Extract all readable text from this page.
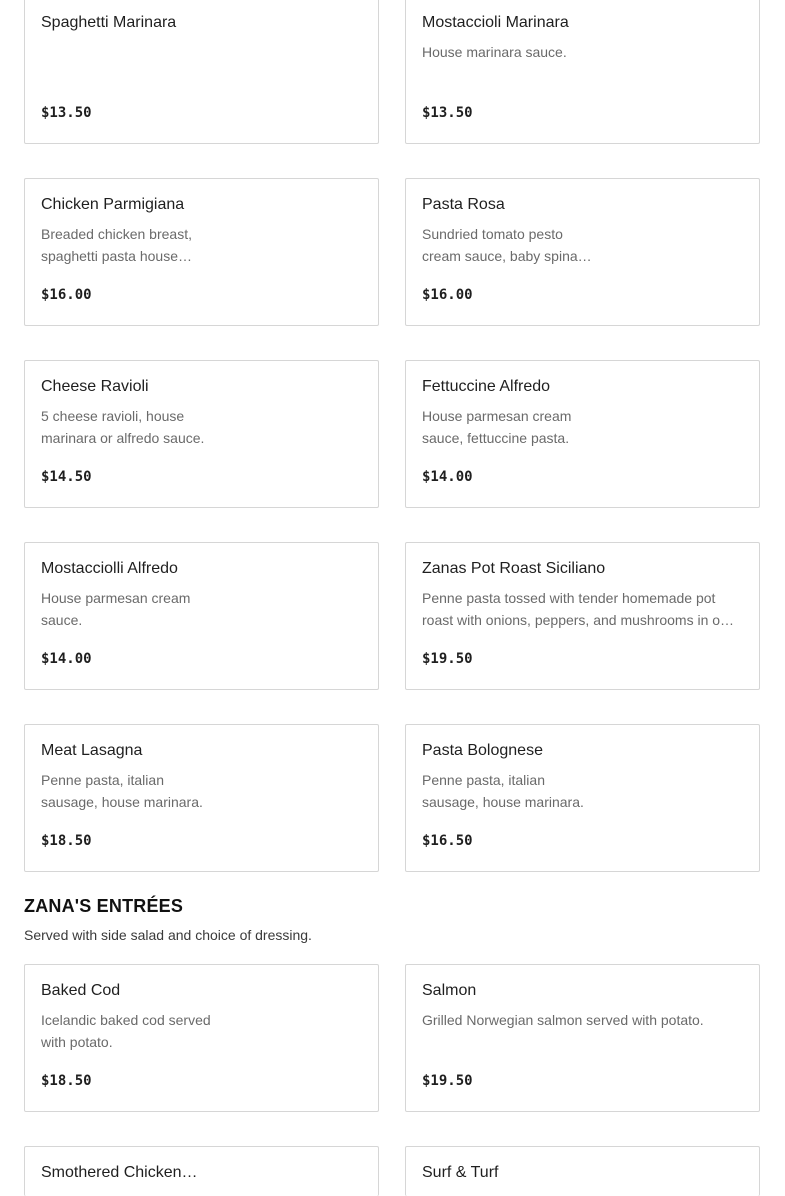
Spaghetti Marinara
$13.50
Mostaccioli Marinara
House marinara sauce.
$13.50
Chicken Parmigiana
Breaded chicken breast, spaghetti pasta house…
$16.00
Pasta Rosa
Sundried tomato pesto cream sauce, baby spina…
$16.00
Cheese Ravioli
5 cheese ravioli, house marinara or alfredo sauce.
$14.50
Fettuccine Alfredo
House parmesan cream sauce, fettuccine pasta.
$14.00
Mostacciolli Alfredo
House parmesan cream sauce.
$14.00
Zanas Pot Roast Siciliano
Penne pasta tossed with tender homemade pot roast with onions, peppers, and mushrooms in o…
$19.50
Meat Lasagna
Penne pasta, italian sausage, house marinara.
$18.50
Pasta Bolognese
Penne pasta, italian sausage, house marinara.
$16.50
ZANA'S ENTRÉES
Served with side salad and choice of dressing.
Baked Cod
Icelandic baked cod served with potato.
$18.50
Salmon
Grilled Norwegian salmon served with potato.
$19.50
Smothered Chicken…	Surf & Turf
